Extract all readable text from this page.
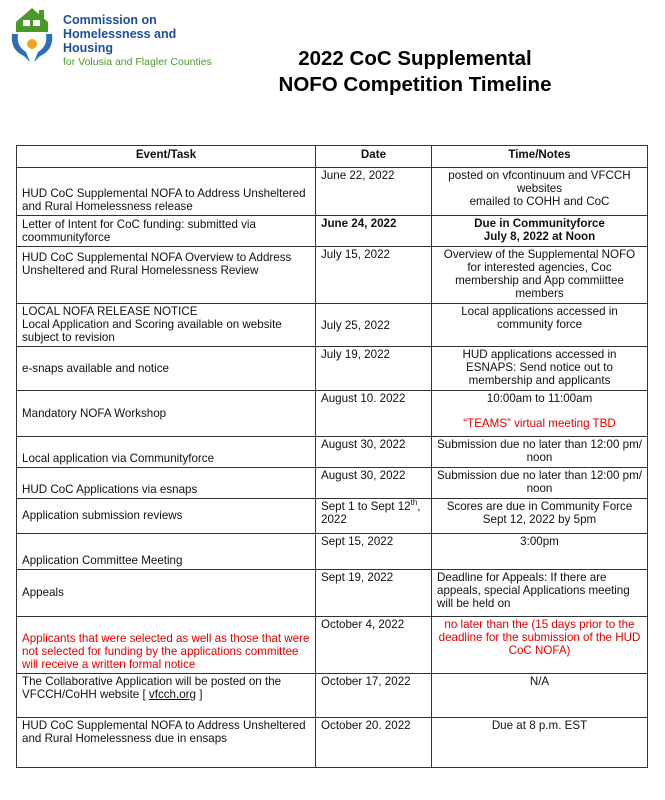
Commission on
Homelessness and Housing
for Volusia and Flagler Counties	2022 CoC Supplemental
NOFO Competition Timeline
Event/Task	Date	Time/Notes
HUD CoC Supplemental NOFA to Address Unsheltered and Rural Homelessness release	June 22, 2022	posted on vfcontinuum and VFCCH websites
emailed to COHH and CoC

Letter of Intent for CoC funding: submitted via coommunityforce	June 24, 2022	Due in Communityforce
July 8, 2022 at Noon

HUD CoC Supplemental NOFA Overview to Address Unsheltered and Rural Homelessness Review	July 15, 2022	Overview of the Supplemental NOFO for interested agencies, Coc membership and App commiittee members

LOCAL NOFA RELEASE NOTICE
Local Application and Scoring available on website subject to revision	July 25, 2022	Local applications accessed in community force
e-snaps available and notice	July 19, 2022	HUD applications accessed in ESNAPS: Send notice out to membership and applicants
Mandatory NOFA Workshop	August 10. 2022	10:00am to 11:00am
“TEAMS” virtual meeting TBD

Local application via Communityforce	August 30, 2022	Submission due no later than 12:00 pm/ noon
HUD CoC Applications via esnaps	August 30, 2022	Submission due no later than 12:00 pm/ noon
Application submission reviews	Sept 1 to Sept 12th, 2022	Scores are due in Community Force Sept 12, 2022 by 5pm
Application Committee Meeting	Sept 15, 2022	3:00pm
Appeals	Sept 19, 2022	Deadline for Appeals: If there are appeals, special Applications meeting will be held on
Applicants that were selected as well as those that were not selected for funding by the applications committee will receive a written formal notice	October 4, 2022	no later than the (15 days prior to the deadline for the submission of the HUD CoC NOFA)
The Collaborative Application will be posted on the VFCCH/CoHH website [ vfcch.org ]	October 17, 2022	N/A
HUD CoC Supplemental NOFA to Address Unsheltered and Rural Homelessness due in ensaps	October 20. 2022	Due at 8 p.m. EST
